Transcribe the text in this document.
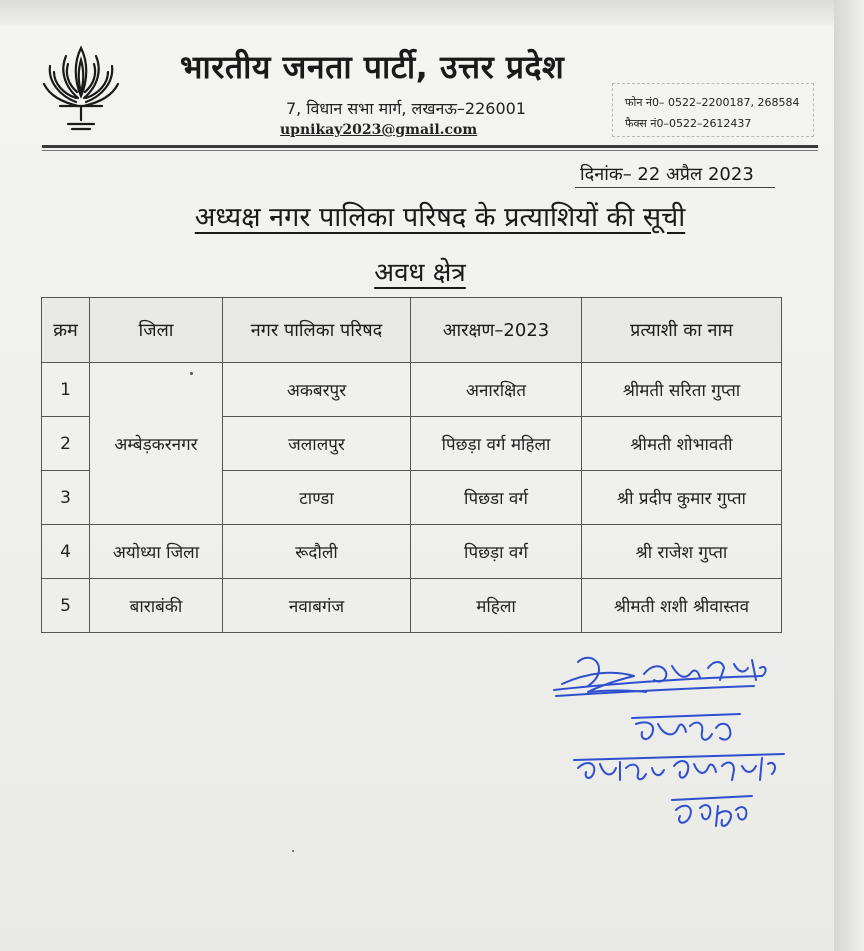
भारतीय जनता पार्टी, उत्तर प्रदेश
7, विधान सभा मार्ग, लखनऊ–226001
upnikay2023@gmail.com
फोन नं0– 0522–2200187, 268584
फैक्स नं0–0522–2612437
दिनांक– 22 अप्रैल 2023
अध्यक्ष नगर पालिका परिषद के प्रत्याशियों की सूची
अवध क्षेत्र
क्रम	जिला	नगर पालिका परिषद	आरक्षण–2023	प्रत्याशी का नाम
1	अम्बेड़करनगर	अकबरपुर	अनारक्षित	श्रीमती सरिता गुप्ता
2		जलालपुर	पिछड़ा वर्ग महिला	श्रीमती शोभावती
3		टाण्डा	पिछडा वर्ग	श्री प्रदीप कुमार गुप्ता
4	अयोध्या जिला	रूदौली	पिछड़ा वर्ग	श्री राजेश गुप्ता
5	बाराबंकी	नवाबगंज	महिला	श्रीमती शशी श्रीवास्तव
